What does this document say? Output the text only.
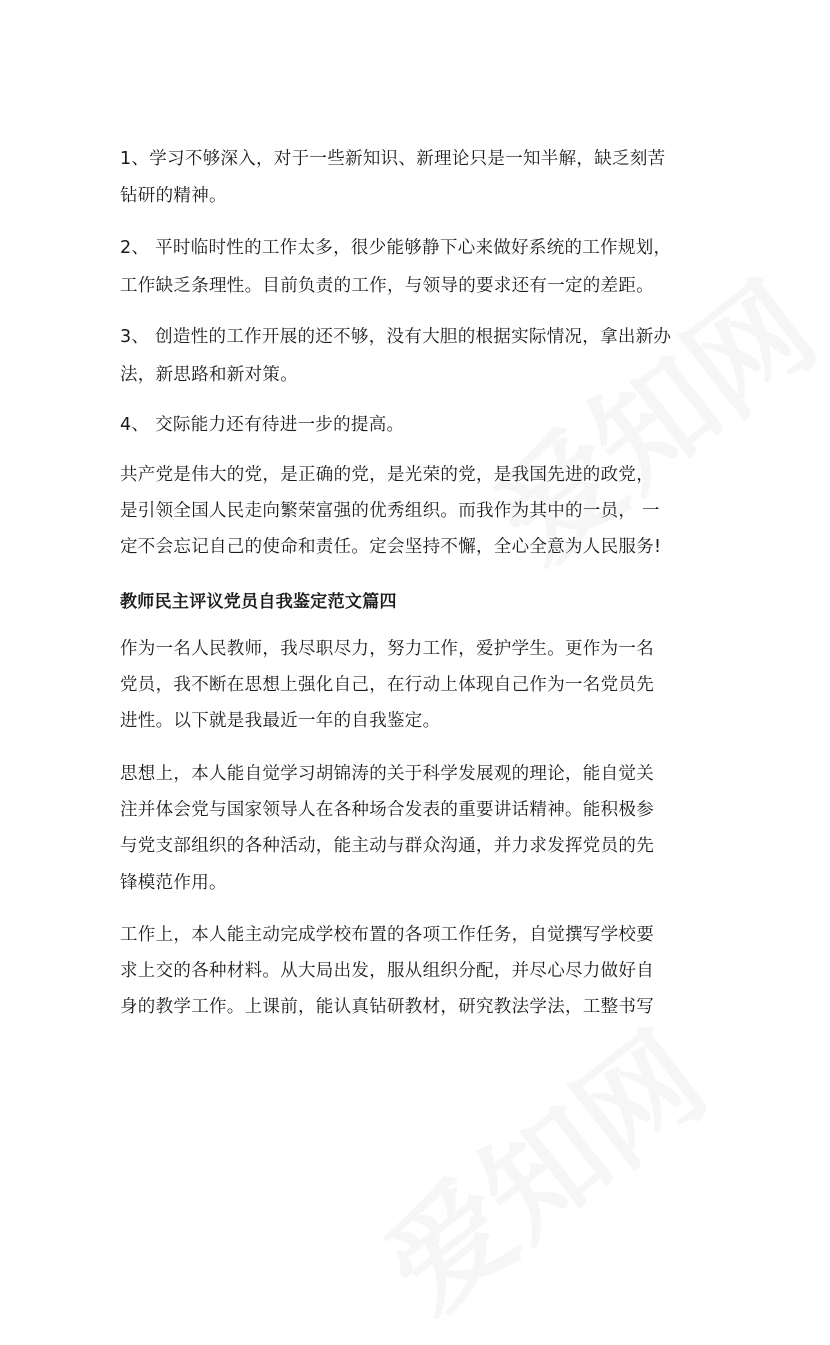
1、学习不够深入，对于一些新知识、新理论只是一知半解，缺乏刻苦
钻研的精神。
2、 平时临时性的工作太多，很少能够静下心来做好系统的工作规划，
工作缺乏条理性。目前负责的工作，与领导的要求还有一定的差距。
3、 创造性的工作开展的还不够，没有大胆的根据实际情况，拿出新办
法，新思路和新对策。
4、 交际能力还有待进一步的提高。
共产党是伟大的党，是正确的党，是光荣的党，是我国先进的政党，
是引领全国人民走向繁荣富强的优秀组织。而我作为其中的一员， 一
定不会忘记自己的使命和责任。定会坚持不懈，全心全意为人民服务!
教师民主评议党员自我鉴定范文篇四
作为一名人民教师，我尽职尽力，努力工作，爱护学生。更作为一名
党员，我不断在思想上强化自己，在行动上体现自己作为一名党员先
进性。以下就是我最近一年的自我鉴定。
思想上，本人能自觉学习胡锦涛的关于科学发展观的理论，能自觉关
注并体会党与国家领导人在各种场合发表的重要讲话精神。能积极参
与党支部组织的各种活动，能主动与群众沟通，并力求发挥党员的先
锋模范作用。
工作上，本人能主动完成学校布置的各项工作任务，自觉撰写学校要
求上交的各种材料。从大局出发，服从组织分配，并尽心尽力做好自
身的教学工作。上课前，能认真钻研教材，研究教法学法，工整书写
